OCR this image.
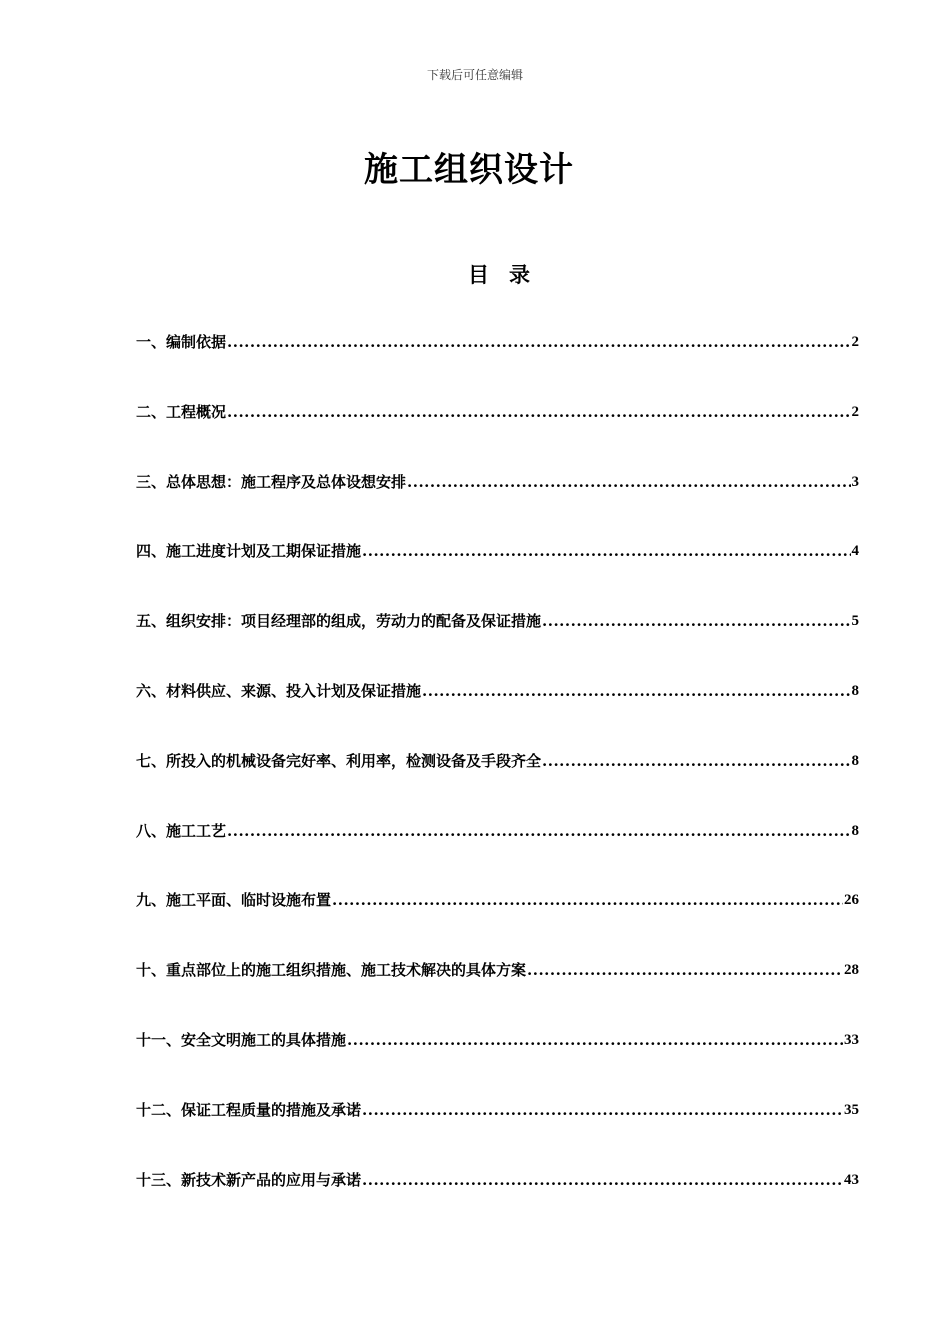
下载后可任意编辑
施工组织设计
目 录
一、编制依据 .....	2
二、工程概况 .....	2
三、总体思想：施工程序及总体设想安排 .....	3
四、施工进度计划及工期保证措施 .....	4
五、组织安排：项目经理部的组成，劳动力的配备及保证措施 .....	5
六、材料供应、来源、投入计划及保证措施 .....	8
七、所投入的机械设备完好率、利用率，检测设备及手段齐全 .....	8
八、施工工艺 .....	8
九、施工平面、临时设施布置 .....	26
十、重点部位上的施工组织措施、施工技术解决的具体方案 .....	28
十一、安全文明施工的具体措施 .....	33
十二、保证工程质量的措施及承诺 .....	35
十三、新技术新产品的应用与承诺 .....	43
